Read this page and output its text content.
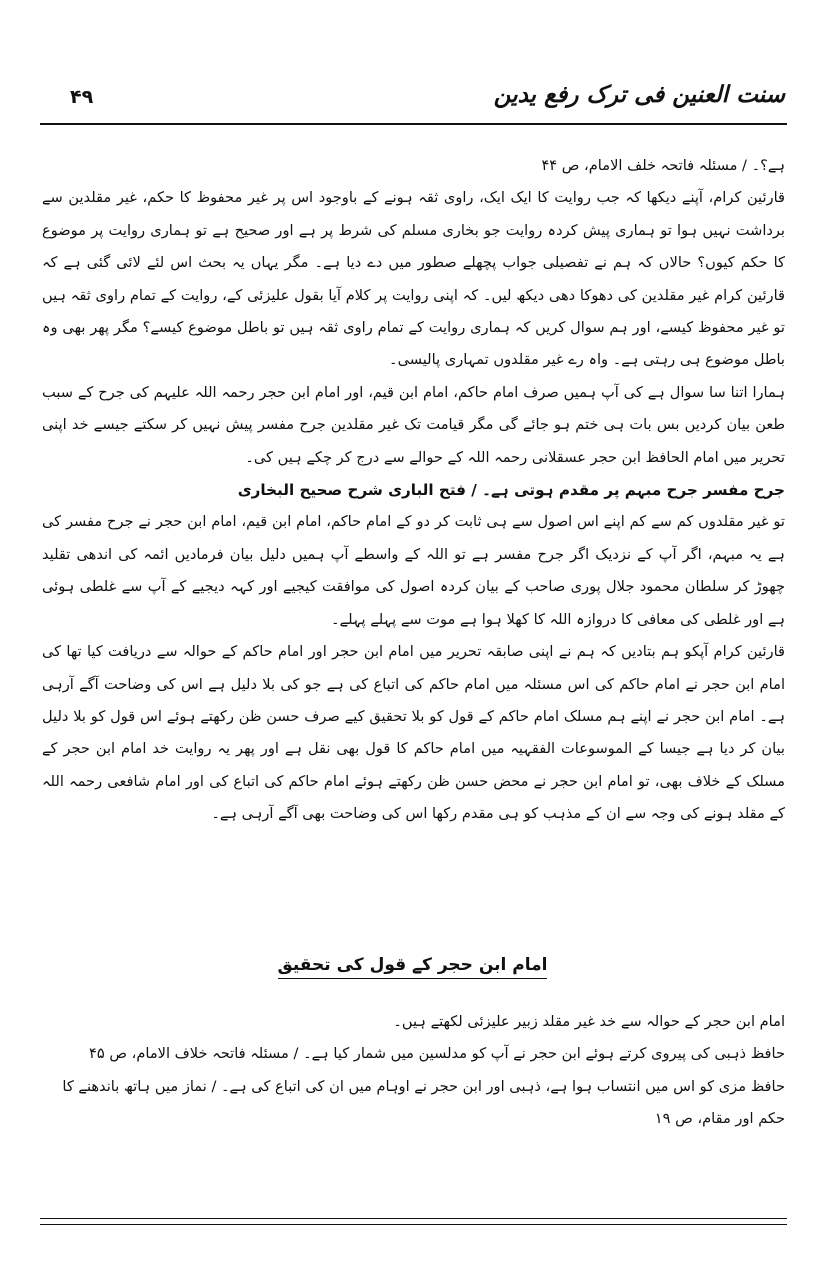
۴۹	سنت العنین فی ترک رفع یدین

ہے؟۔ / مسئلہ فاتحہ خلف الامام، ص ۴۴

قارئین کرام، آپنے دیکھا کہ جب روایت کا ایک ایک، راوی ثقہ ہونے کے باوجود اس پر غیر محفوظ کا حکم، غیر مقلدین سے برداشت نہیں ہوا تو ہماری پیش کردہ روایت جو بخاری مسلم کی شرط پر ہے اور صحیح ہے تو ہماری روایت پر موضوع کا حکم کیوں؟ حالاں کہ ہم نے تفصیلی جواب پچھلے صطور میں دے دیا ہے۔ مگر یہاں یہ بحث اس لئے لائی گئی ہے کہ قارئین کرام غیر مقلدین کی دھوکا دھی دیکھ لیں۔ کہ اپنی روایت پر کلام آیا بقول علیزئی کے، روایت کے تمام راوی ثقہ ہیں تو غیر محفوظ کیسے، اور ہم سوال کریں کہ ہماری روایت کے تمام راوی ثقہ ہیں تو باطل موضوع کیسے؟ مگر پھر بھی وہ باطل موضوع ہی رہتی ہے۔ واہ رے غیر مقلدوں تمہاری پالیسی۔

ہمارا اتنا سا سوال ہے کی آپ ہمیں صرف امام حاکم، امام ابن قیم، اور امام ابن حجر رحمہ اللہ علیہم کی جرح کے سبب طعن بیان کردیں بس بات ہی ختم ہو جائے گی مگر قیامت تک غیر مقلدین جرح مفسر پیش نہیں کر سکتے جیسے خد اپنی تحریر میں امام الحافظ ابن حجر عسقلانی رحمہ اللہ کے حوالے سے درج کر چکے ہیں کی۔

جرح مفسر جرح مبہم پر مقدم ہوتی ہے۔ / فتح الباری شرح صحیح البخاری

تو غیر مقلدوں کم سے کم اپنے اس اصول سے ہی ثابت کر دو کے امام حاکم، امام ابن قیم، امام ابن حجر نے جرح مفسر کی ہے یہ مبہم، اگر آپ کے نزدیک اگر جرح مفسر ہے تو اللہ کے واسطے آپ ہمیں دلیل بیان فرمادیں ائمہ کی اندھی تقلید چھوڑ کر سلطان محمود جلال پوری صاحب کے بیان کردہ اصول کی موافقت کیجیے اور کہہ دیجیے کے آپ سے غلطی ہوئی ہے اور غلطی کی معافی کا دروازہ اللہ کا کھلا ہوا ہے موت سے پہلے پہلے۔

قارئین کرام آپکو ہم بتادیں کہ ہم نے اپنی صابقہ تحریر میں امام ابن حجر اور امام حاکم کے حوالہ سے دریافت کیا تھا کی امام ابن حجر نے امام حاکم کی اس مسئلہ میں امام حاکم کی اتباع کی ہے جو کی بلا دلیل ہے اس کی وضاحت آگے آرہی ہے۔ امام ابن حجر نے اپنے ہم مسلک امام حاکم کے قول کو بلا تحقیق کیے صرف حسن ظن رکھتے ہوئے اس قول کو بلا دلیل بیان کر دیا ہے جیسا کے الموسوعات الفقہیہ میں امام حاکم کا قول بھی نقل ہے اور پھر یہ روایت خد امام ابن حجر کے مسلک کے خلاف بھی، تو امام ابن حجر نے محض حسن ظن رکھتے ہوئے امام حاکم کی اتباع کی اور امام شافعی رحمہ اللہ کے مقلد ہونے کی وجہ سے ان کے مذہب کو ہی مقدم رکھا اس کی وضاحت بھی آگے آرہی ہے۔

امام ابن حجر کے قول کی تحقیق

امام ابن حجر کے حوالہ سے خد غیر مقلد زبیر علیزئی لکھتے ہیں۔

حافظ ذہبی کی پیروی کرتے ہوئے ابن حجر نے آپ کو مدلسین میں شمار کیا ہے۔ / مسئلہ فاتحہ خلاف الامام، ص ۴۵

حافظ مزی کو اس میں انتساب ہوا ہے، ذہبی اور ابن حجر نے اوہام میں ان کی اتباع کی ہے۔ / نماز میں ہاتھ باندھنے کا حکم اور مقام، ص ۱۹
